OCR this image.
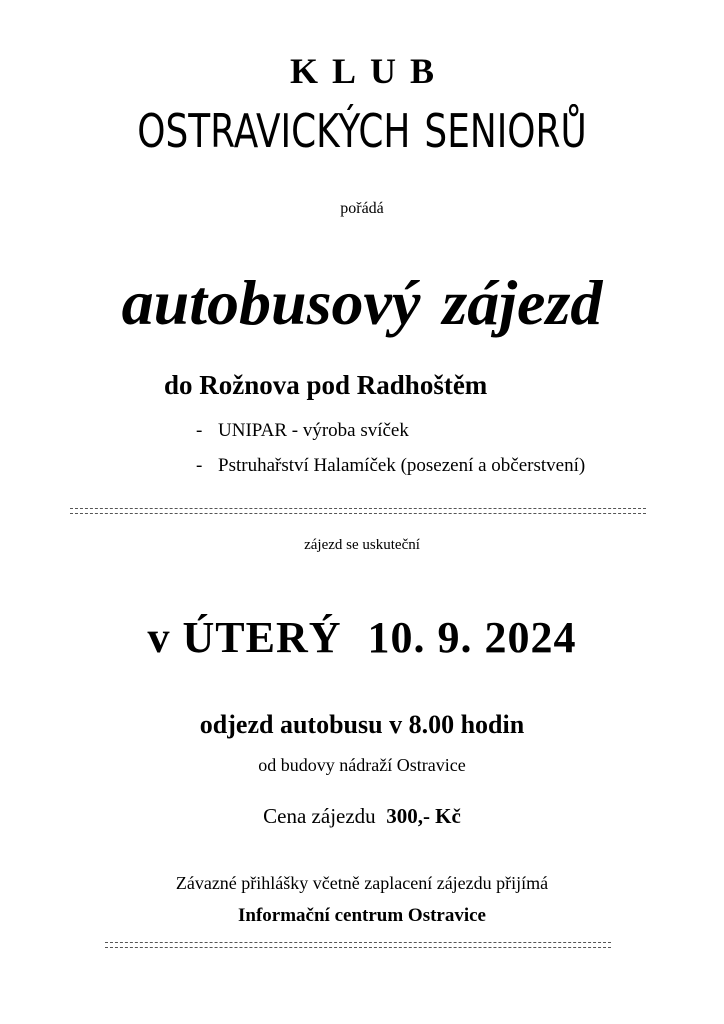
KLUB
OSTRAVICKÝCH SENIORŮ
pořádá
autobusový zájezd
do Rožnova pod Radhoštěm
- UNIPAR - výroba svíček
- Pstruhařství Halamíček (posezení a občerstvení)
zájezd se uskuteční
v ÚTERÝ 10. 9. 2024
odjezd autobusu v 8.00 hodin
od budovy nádraží Ostravice
Cena zájezdu 300,- Kč
Závazné přihlášky včetně zaplacení zájezdu přijímá
Informační centrum Ostravice
